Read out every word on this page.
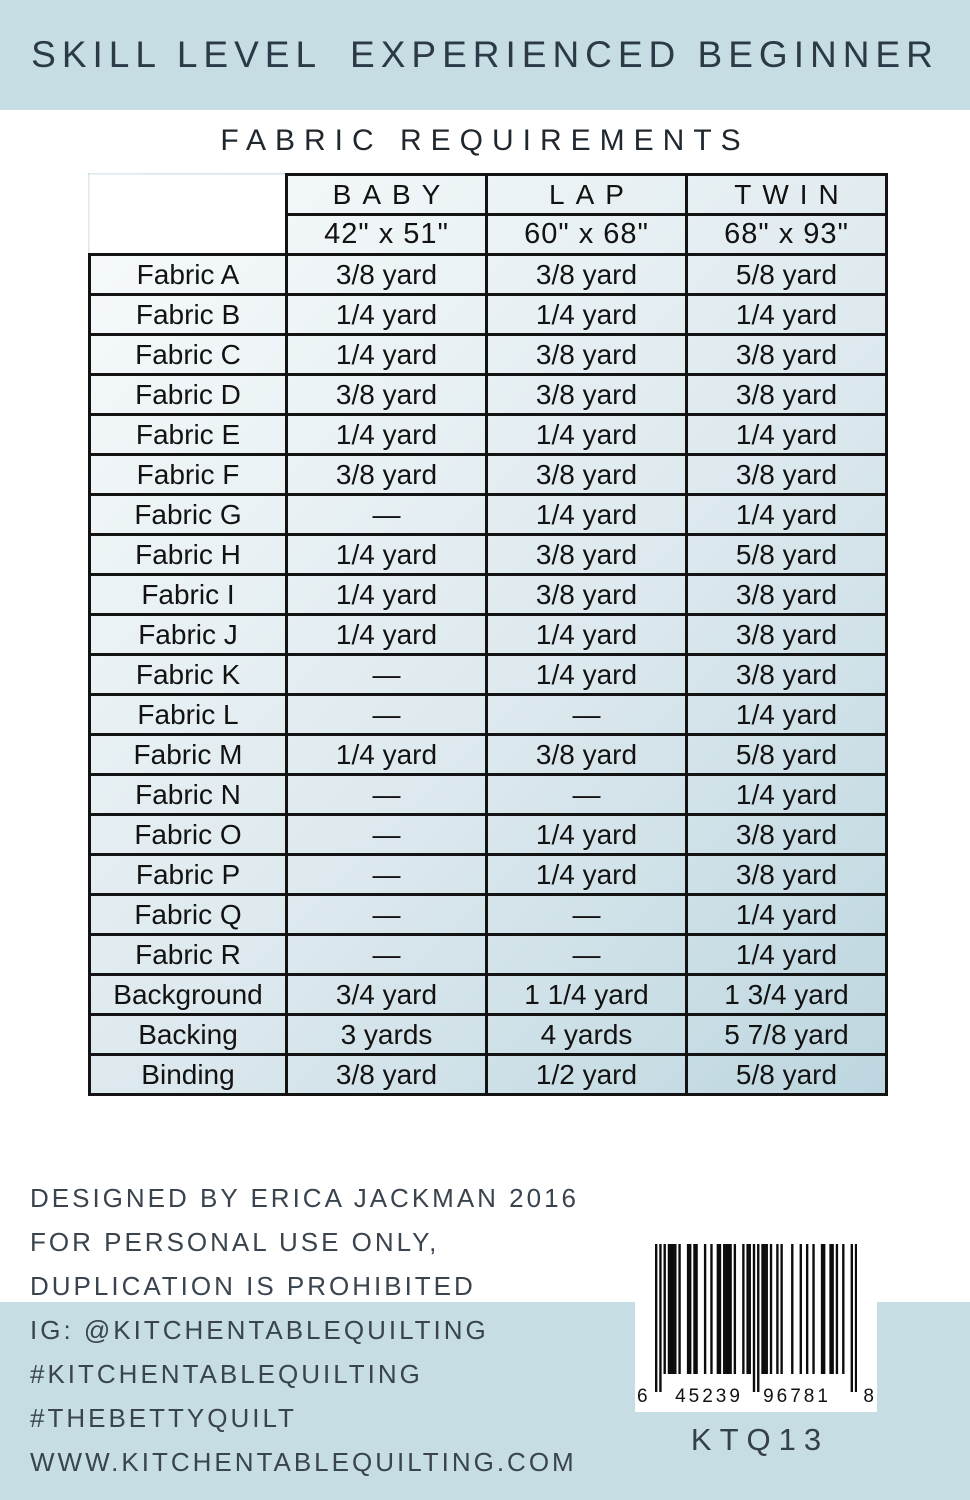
SKILL LEVEL EXPERIENCED BEGINNER
FABRIC REQUIREMENTS
	BABY	LAP	TWIN
	42" x 51"	60" x 68"	68" x 93"
Fabric A	3/8 yard	3/8 yard	5/8 yard
Fabric B	1/4 yard	1/4 yard	1/4 yard
Fabric C	1/4 yard	3/8 yard	3/8 yard
Fabric D	3/8 yard	3/8 yard	3/8 yard
Fabric E	1/4 yard	1/4 yard	1/4 yard
Fabric F	3/8 yard	3/8 yard	3/8 yard
Fabric G	—	1/4 yard	1/4 yard
Fabric H	1/4 yard	3/8 yard	5/8 yard
Fabric I	1/4 yard	3/8 yard	3/8 yard
Fabric J	1/4 yard	1/4 yard	3/8 yard
Fabric K	—	1/4 yard	3/8 yard
Fabric L	—	—	1/4 yard
Fabric M	1/4 yard	3/8 yard	5/8 yard
Fabric N	—	—	1/4 yard
Fabric O	—	1/4 yard	3/8 yard
Fabric P	—	1/4 yard	3/8 yard
Fabric Q	—	—	1/4 yard
Fabric R	—	—	1/4 yard
Background	3/4 yard	1 1/4 yard	1 3/4 yard
Backing	3 yards	4 yards	5 7/8 yard
Binding	3/8 yard	1/2 yard	5/8 yard
DESIGNED BY ERICA JACKMAN 2016
FOR PERSONAL USE ONLY,
DUPLICATION IS PROHIBITED
IG: @KITCHENTABLEQUILTING
#KITCHENTABLEQUILTING
#THEBETTYQUILT
WWW.KITCHENTABLEQUILTING.COM
6	45239	96781	8
KTQ13
